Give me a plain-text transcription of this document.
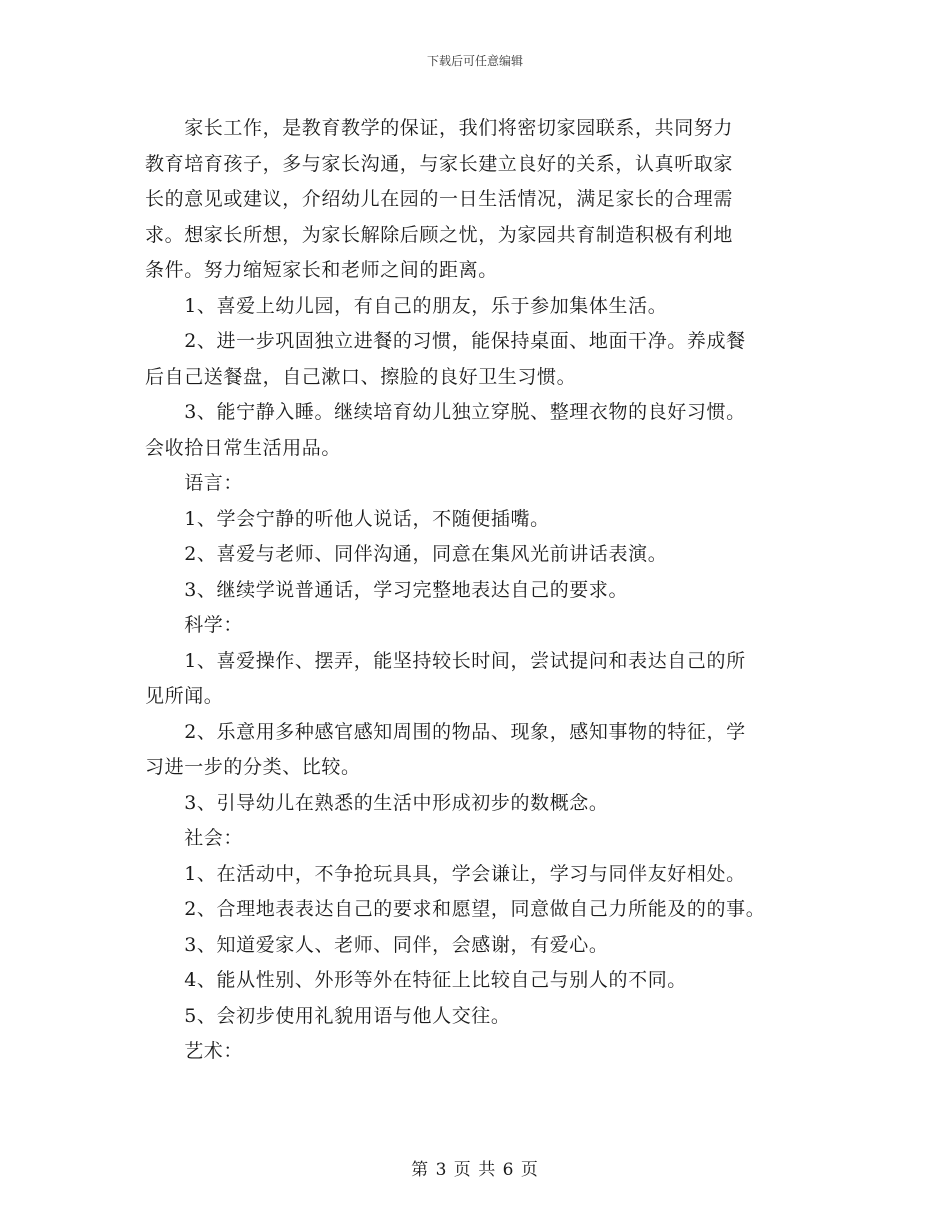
下载后可任意编辑

　　家长工作，是教育教学的保证，我们将密切家园联系，共同努力

教育培育孩子，多与家长沟通，与家长建立良好的关系，认真听取家

长的意见或建议，介绍幼儿在园的一日生活情况，满足家长的合理需

求。想家长所想，为家长解除后顾之忧，为家园共育制造积极有利地

条件。努力缩短家长和老师之间的距离。

　　1、喜爱上幼儿园，有自己的朋友，乐于参加集体生活。

　　2、进一步巩固独立进餐的习惯，能保持桌面、地面干净。养成餐

后自己送餐盘，自己漱口、擦脸的良好卫生习惯。

　　3、能宁静入睡。继续培育幼儿独立穿脱、整理衣物的良好习惯。

会收拾日常生活用品。

　　语言：

　　1、学会宁静的听他人说话，不随便插嘴。

　　2、喜爱与老师、同伴沟通，同意在集风光前讲话表演。

　　3、继续学说普通话，学习完整地表达自己的要求。

　　科学：

　　1、喜爱操作、摆弄，能坚持较长时间，尝试提问和表达自己的所

见所闻。

　　2、乐意用多种感官感知周围的物品、现象，感知事物的特征，学

习进一步的分类、比较。

　　3、引导幼儿在熟悉的生活中形成初步的数概念。

　　社会：

　　1、在活动中，不争抢玩具具，学会谦让，学习与同伴友好相处。

　　2、合理地表表达自己的要求和愿望，同意做自己力所能及的的事。

　　3、知道爱家人、老师、同伴，会感谢，有爱心。

　　4、能从性别、外形等外在特征上比较自己与别人的不同。

　　5、会初步使用礼貌用语与他人交往。

　　艺术：

第 3 页 共 6 页
